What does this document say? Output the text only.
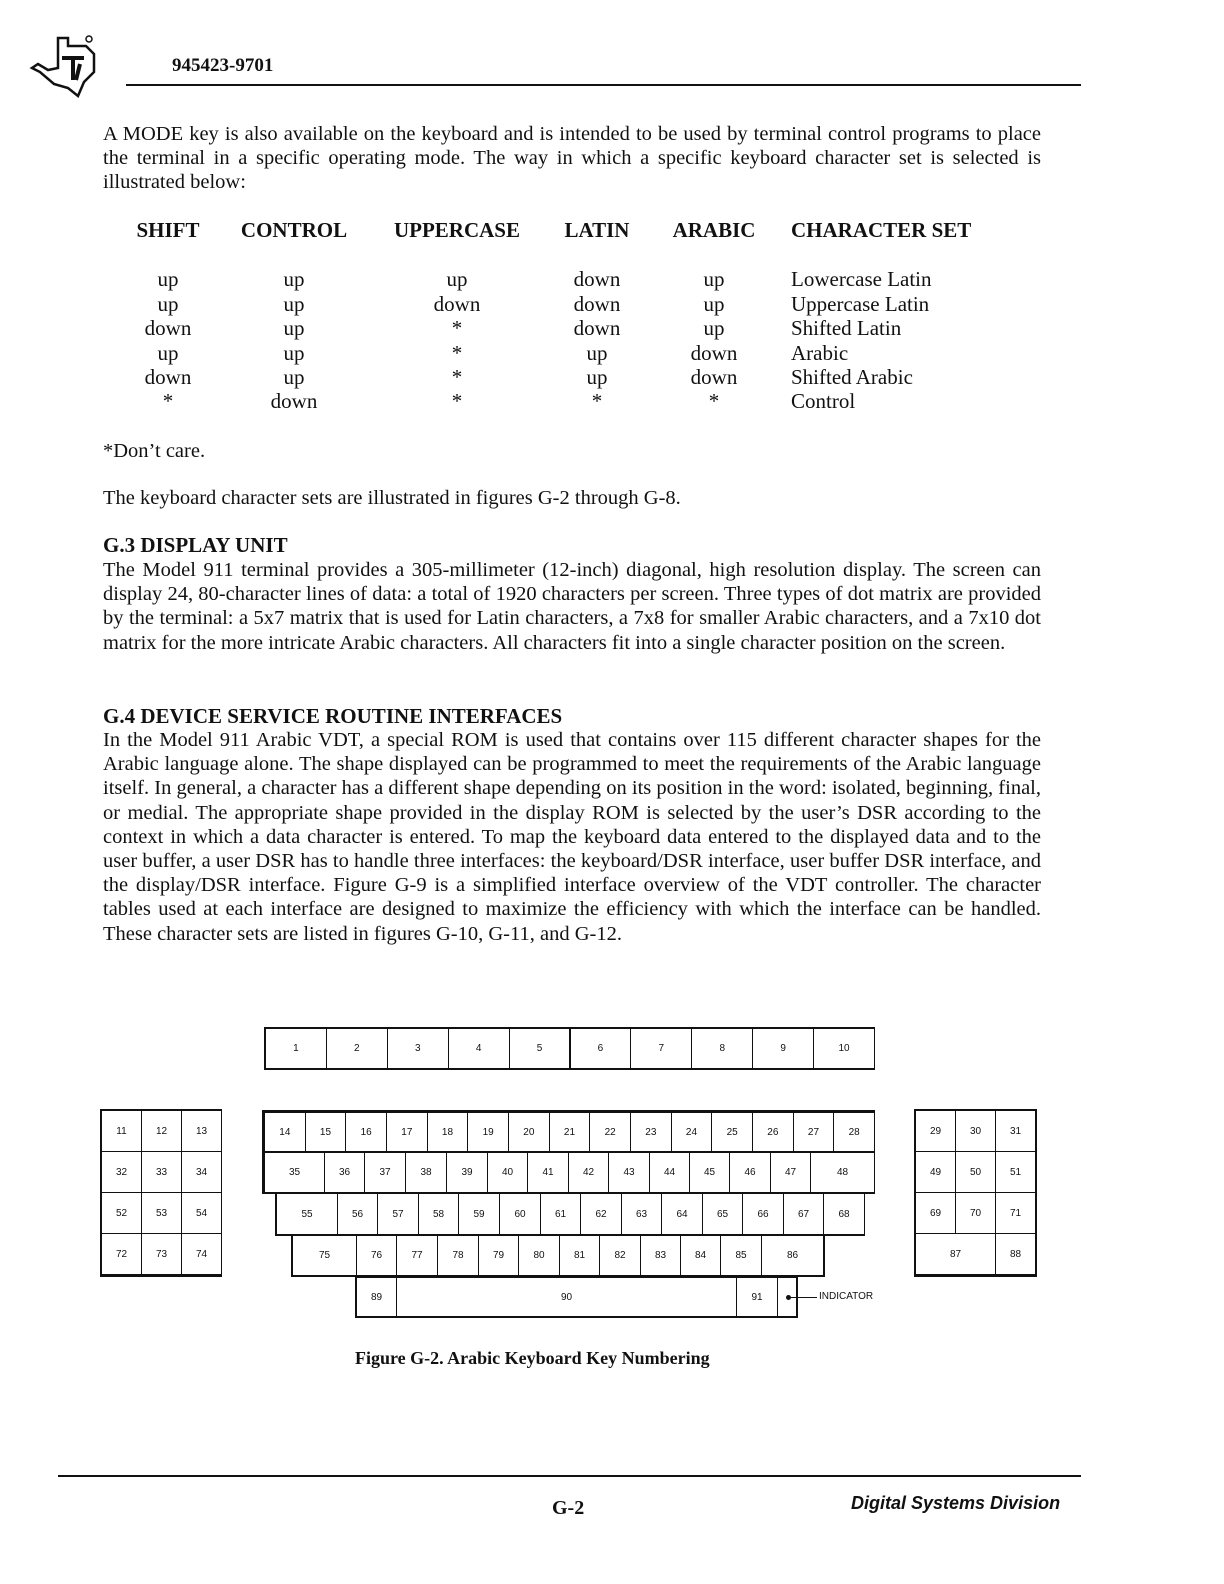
945423-9701
A MODE key is also available on the keyboard and is intended to be used by terminal control programs to place the terminal in a specific operating mode. The way in which a specific keyboard character set is selected is illustrated below:
SHIFT	CONTROL	UPPERCASE	LATIN	ARABIC	CHARACTER SET
up	up	up	down	up	Lowercase Latin
up	up	down	down	up	Uppercase Latin
down	up	*	down	up	Shifted Latin
up	up	*	up	down	Arabic
down	up	*	up	down	Shifted Arabic
*	down	*	*	*	Control
*Don’t care.
The keyboard character sets are illustrated in figures G-2 through G-8.
G.3 DISPLAY UNIT
The Model 911 terminal provides a 305-millimeter (12-inch) diagonal, high resolution display. The screen can display 24, 80-character lines of data: a total of 1920 characters per screen. Three types of dot matrix are provided by the terminal: a 5x7 matrix that is used for Latin characters, a 7x8 for smaller Arabic characters, and a 7x10 dot matrix for the more intricate Arabic characters. All characters fit into a single character position on the screen.
G.4 DEVICE SERVICE ROUTINE INTERFACES
In the Model 911 Arabic VDT, a special ROM is used that contains over 115 different character shapes for the Arabic language alone. The shape displayed can be programmed to meet the requirements of the Arabic language itself. In general, a character has a different shape depending on its position in the word: isolated, beginning, final, or medial. The appropriate shape provided in the display ROM is selected by the user’s DSR according to the context in which a data character is entered. To map the keyboard data entered to the displayed data and to the user buffer, a user DSR has to handle three interfaces: the keyboard/DSR interface, user buffer DSR interface, and the display/DSR interface. Figure G-9 is a simplified interface overview of the VDT controller. The character tables used at each interface are designed to maximize the efficiency with which the interface can be handled. These character sets are listed in figures G-10, G-11, and G-12.
1	2	3	4	5	6	7	8	9	10
11	12	13
32	33	34
52	53	54
72	73	74
29	30	31
49	50	51
69	70	71
87	88
14	15	16	17	18	19	20	21	22	23	24	25	26	27	28
35	36	37	38	39	40	41	42	43	44	45	46	47	48
55	56	57	58	59	60	61	62	63	64	65	66	67	68
75	76	77	78	79	80	81	82	83	84	85	86
89	90	91	INDICATOR
Figure G-2. Arabic Keyboard Key Numbering
G-2	Digital Systems Division
